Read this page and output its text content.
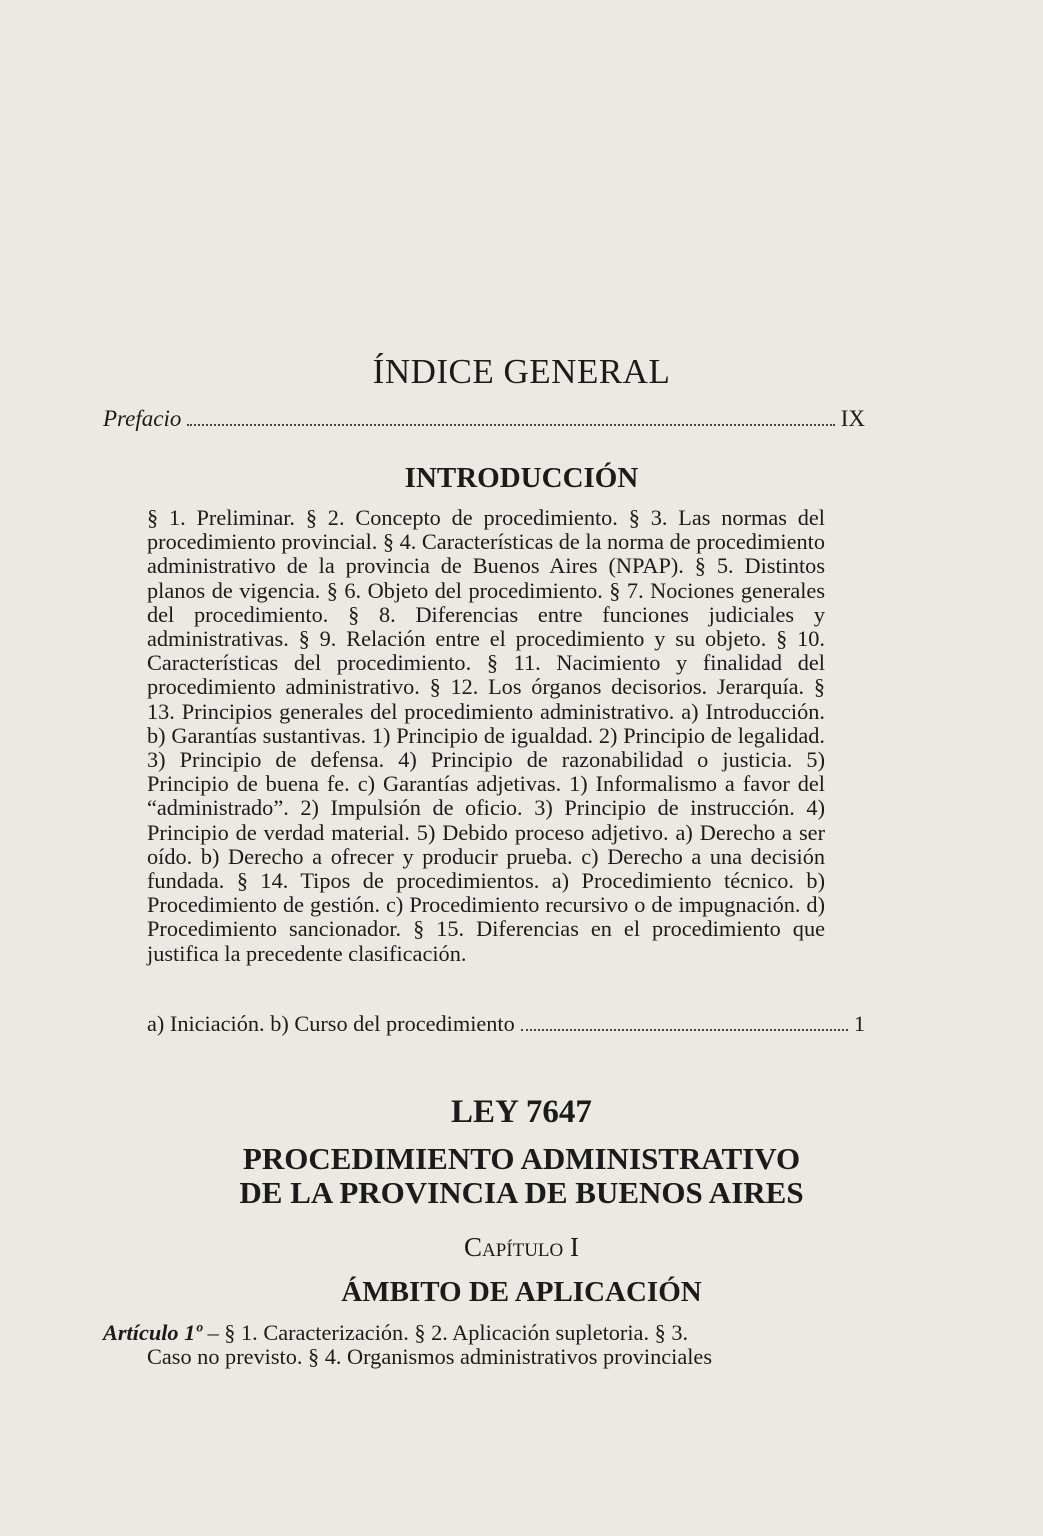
ÍNDICE GENERAL
Prefacio	IX
INTRODUCCIÓN

§ 1. Preliminar. § 2. Concepto de procedimiento. § 3. Las normas del procedimiento provincial. § 4. Características de la norma de procedimiento administrativo de la provincia de Buenos Aires (NPAP). § 5. Distintos planos de vigencia. § 6. Objeto del procedimiento. § 7. Nociones generales del procedimiento. § 8. Diferencias entre funciones judiciales y administrativas. § 9. Relación entre el procedimiento y su objeto. § 10. Características del procedimiento. § 11. Nacimiento y finalidad del procedimiento administrativo. § 12. Los órganos decisorios. Jerarquía. § 13. Principios generales del procedimiento administrativo. a) Introducción. b) Garantías sustantivas. 1) Principio de igualdad. 2) Principio de legalidad. 3) Principio de defensa. 4) Principio de razonabilidad o justicia. 5) Principio de buena fe. c) Garantías adjetivas. 1) Informalismo a favor del “administrado”. 2) Impulsión de oficio. 3) Principio de instrucción. 4) Principio de verdad material. 5) Debido proceso adjetivo. a) Derecho a ser oído. b) Derecho a ofrecer y producir prueba. c) Derecho a una decisión fundada. § 14. Tipos de procedimientos. a) Procedimiento técnico. b) Procedimiento de gestión. c) Procedimiento recursivo o de impugnación. d) Procedimiento sancionador. § 15. Diferencias en el procedimiento que justifica la precedente clasificación.

a) Iniciación. b) Curso del procedimiento	1
LEY 7647
PROCEDIMIENTO ADMINISTRATIVO
DE LA PROVINCIA DE BUENOS AIRES
Capítulo I
ÁMBITO DE APLICACIÓN

Artículo 1º – § 1. Caracterización. § 2. Aplicación supletoria. § 3.
Caso no previsto. § 4. Organismos administrativos provinciales
